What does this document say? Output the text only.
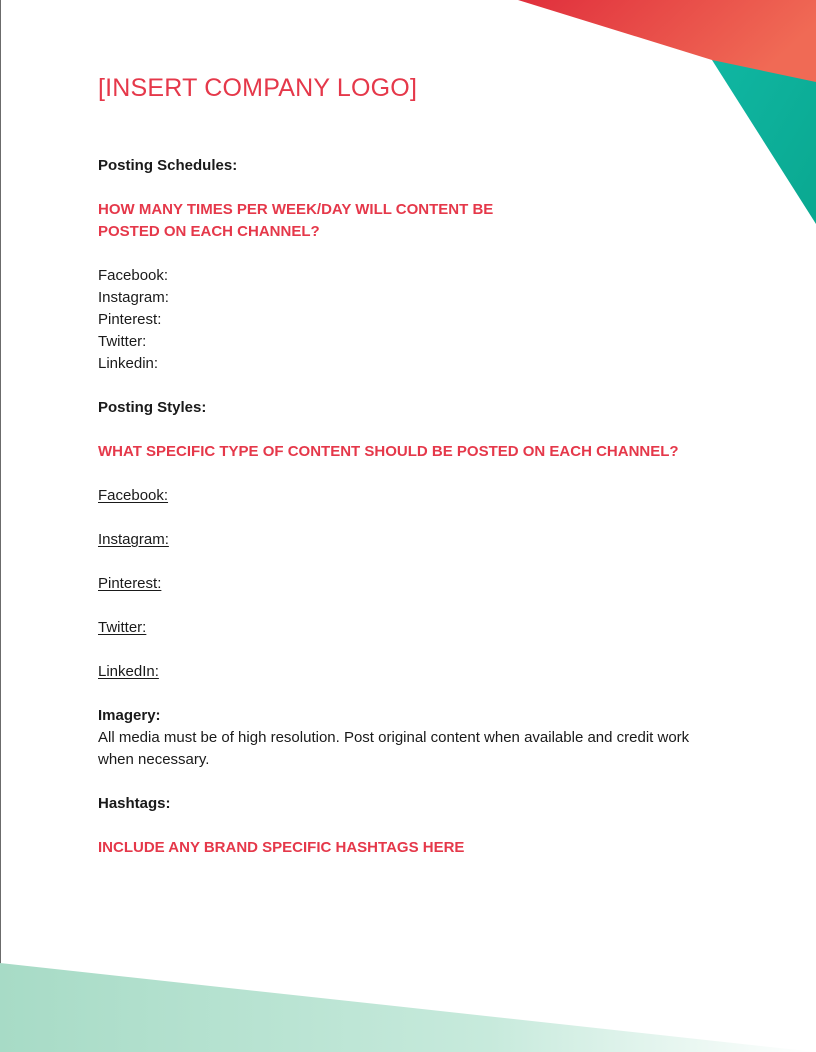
[INSERT COMPANY LOGO]
Posting Schedules:
HOW MANY TIMES PER WEEK/DAY WILL CONTENT BE
POSTED ON EACH CHANNEL?
Facebook:
Instagram:
Pinterest:
Twitter:
Linkedin:
Posting Styles:
WHAT SPECIFIC TYPE OF CONTENT SHOULD BE POSTED ON EACH CHANNEL?
Facebook:
Instagram:
Pinterest:
Twitter:
LinkedIn:
Imagery:
All media must be of high resolution. Post original content when available and credit work when necessary.
Hashtags:
INCLUDE ANY BRAND SPECIFIC HASHTAGS HERE
